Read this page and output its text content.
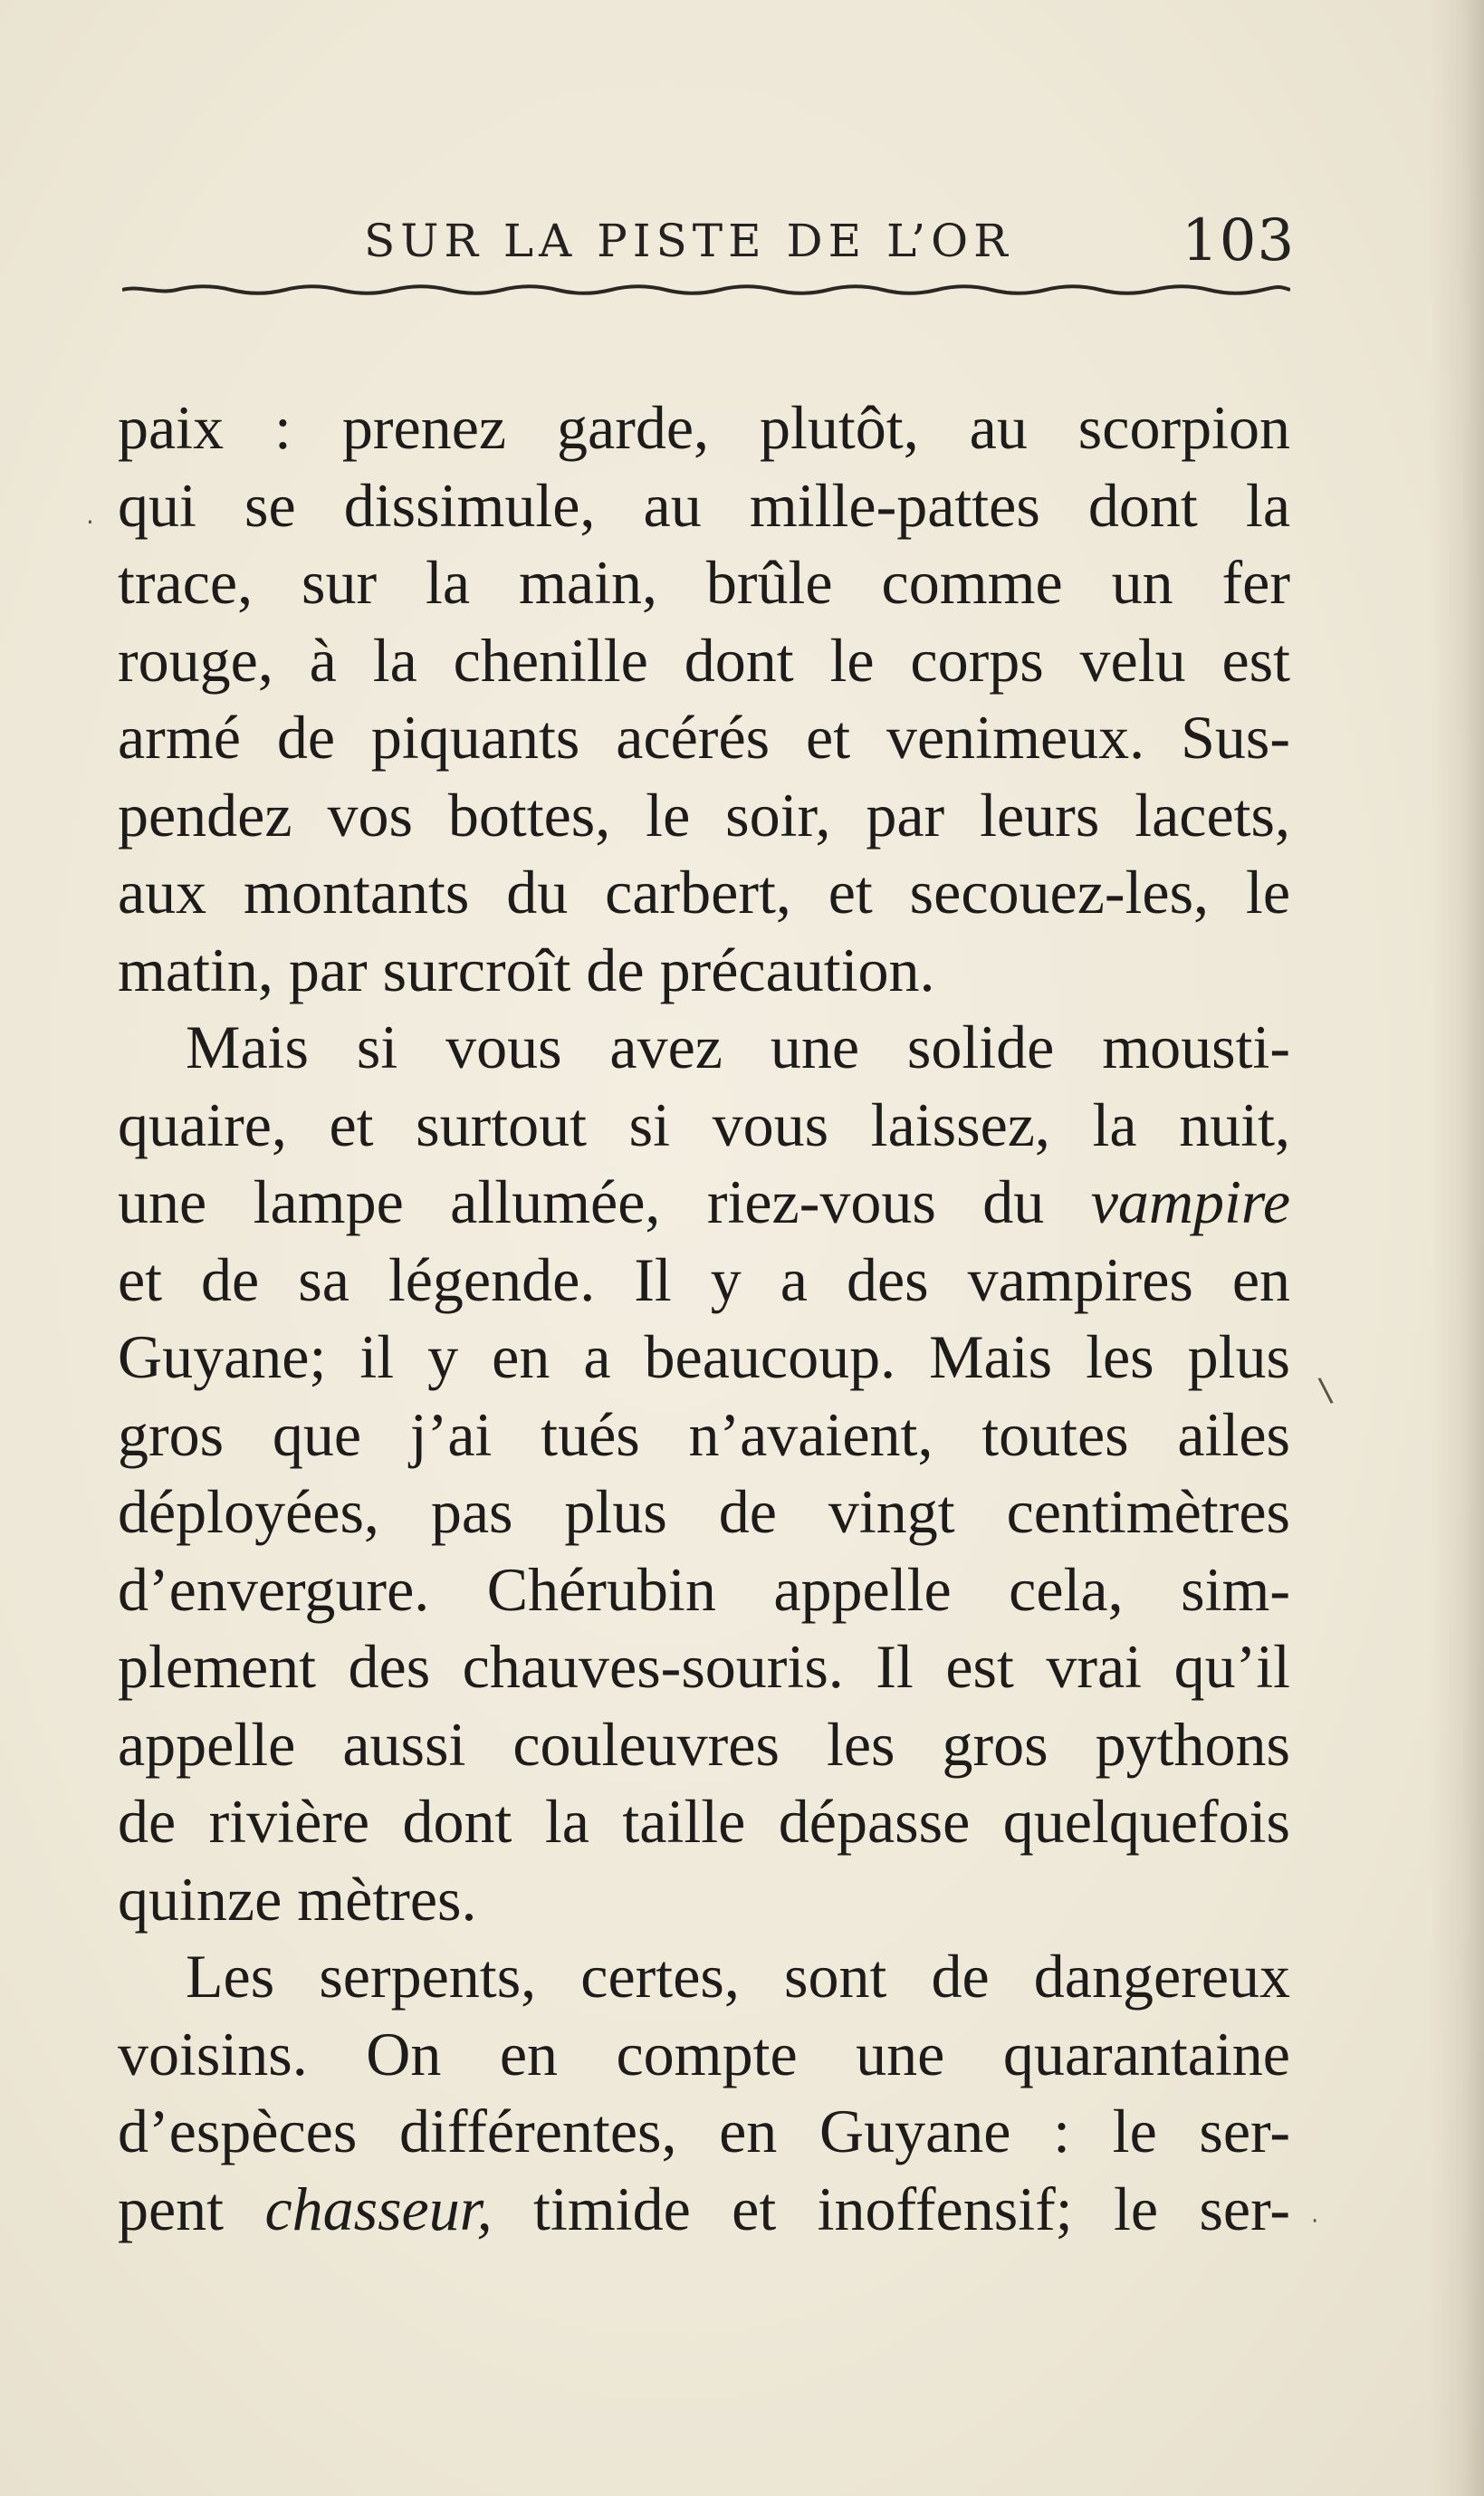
SUR LA PISTE DE L’OR	103
·
\
·
paix : prenez garde, plutôt, au scorpion
qui se dissimule, au mille-pattes dont la
trace, sur la main, brûle comme un fer
rouge, à la chenille dont le corps velu est
armé de piquants acérés et venimeux. Sus-
pendez vos bottes, le soir, par leurs lacets,
aux montants du carbert, et secouez-les, le
matin, par surcroît de précaution.
Mais si vous avez une solide mousti-
quaire, et surtout si vous laissez, la nuit,
une lampe allumée, riez-vous du vampire
et de sa légende. Il y a des vampires en
Guyane; il y en a beaucoup. Mais les plus
gros que j’ai tués n’avaient, toutes ailes
déployées, pas plus de vingt centimètres
d’envergure. Chérubin appelle cela, sim-
plement des chauves-souris. Il est vrai qu’il
appelle aussi couleuvres les gros pythons
de rivière dont la taille dépasse quelquefois
quinze mètres.
Les serpents, certes, sont de dangereux
voisins. On en compte une quarantaine
d’espèces différentes, en Guyane : le ser-
pent chasseur, timide et inoffensif; le ser-
